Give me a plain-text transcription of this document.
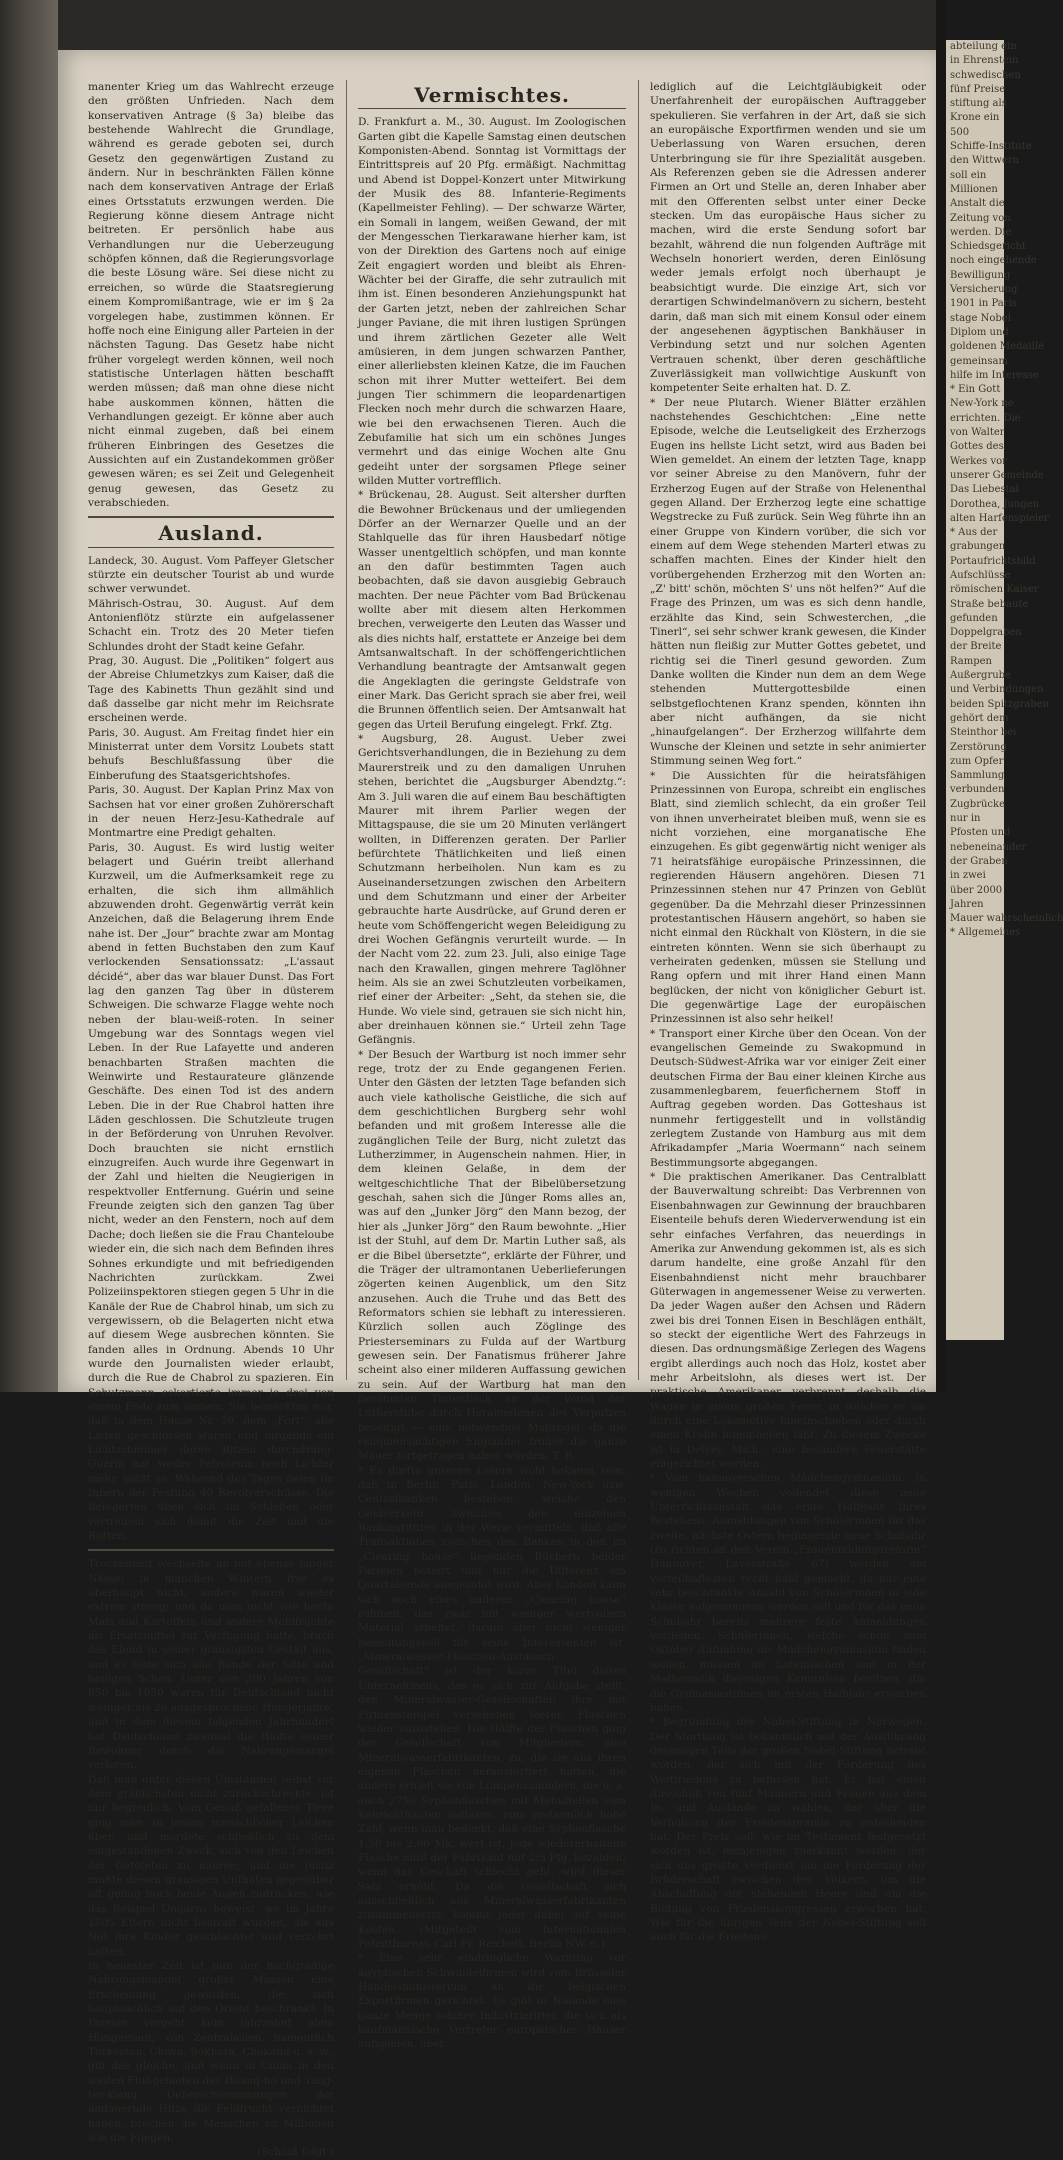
manenter Krieg um das Wahlrecht erzeuge den größten Unfrieden. Nach dem konservativen Antrage (§ 3a) bleibe das bestehende Wahlrecht die Grundlage, während es gerade geboten sei, durch Gesetz den gegenwärtigen Zustand zu ändern. Nur in beschränkten Fällen könne nach dem konservativen Antrage der Erlaß eines Ortsstatuts erzwungen werden. Die Regierung könne diesem Antrage nicht beitreten. Er persönlich habe aus Verhandlungen nur die Ueberzeugung schöpfen können, daß die Regierungsvorlage die beste Lösung wäre. Sei diese nicht zu erreichen, so würde die Staatsregierung einem Kompromißantrage, wie er im § 2a vorgelegen habe, zustimmen können. Er hoffe noch eine Einigung aller Parteien in der nächsten Tagung. Das Gesetz habe nicht früher vorgelegt werden können, weil noch statistische Unterlagen hätten beschafft werden müssen; daß man ohne diese nicht habe auskommen können, hätten die Verhandlungen gezeigt. Er könne aber auch nicht einmal zugeben, daß bei einem früheren Einbringen des Gesetzes die Aussichten auf ein Zustandekommen größer gewesen wären; es sei Zeit und Gelegenheit genug gewesen, das Gesetz zu verabschieden.

Ausland.

Landeck, 30. August. Vom Paffeyer Gletscher stürzte ein deutscher Tourist ab und wurde schwer verwundet.

Mährisch-Ostrau, 30. August. Auf dem Antonienflötz stürzte ein aufgelassener Schacht ein. Trotz des 20 Meter tiefen Schlundes droht der Stadt keine Gefahr.

Prag, 30. August. Die „Politiken“ folgert aus der Abreise Chlumetzkys zum Kaiser, daß die Tage des Kabinetts Thun gezählt sind und daß dasselbe gar nicht mehr im Reichsrate erscheinen werde.

Paris, 30. August. Am Freitag findet hier ein Ministerrat unter dem Vorsitz Loubets statt behufs Beschlußfassung über die Einberufung des Staatsgerichtshofes.

Paris, 30. August. Der Kaplan Prinz Max von Sachsen hat vor einer großen Zuhörerschaft in der neuen Herz-Jesu-Kathedrale auf Montmartre eine Predigt gehalten.

Paris, 30. August. Es wird lustig weiter belagert und Guérin treibt allerhand Kurzweil, um die Aufmerksamkeit rege zu erhalten, die sich ihm allmählich abzuwenden droht. Gegenwärtig verrät kein Anzeichen, daß die Belagerung ihrem Ende nahe ist. Der „Jour“ brachte zwar am Montag abend in fetten Buchstaben den zum Kauf verlockenden Sensationssatz: „L'assaut décidé“, aber das war blauer Dunst. Das Fort lag den ganzen Tag über in düsterem Schweigen. Die schwarze Flagge wehte noch neben der blau-weiß-roten. In seiner Umgebung war des Sonntags wegen viel Leben. In der Rue Lafayette und anderen benachbarten Straßen machten die Weinwirte und Restaurateure glänzende Geschäfte. Des einen Tod ist des andern Leben. Die in der Rue Chabrol hatten ihre Läden geschlossen. Die Schutzleute trugen in der Beförderung von Unruhen Revolver. Doch brauchten sie nicht ernstlich einzugreifen. Auch wurde ihre Gegenwart in der Zahl und hielten die Neugierigen in respektvoller Entfernung. Guérin und seine Freunde zeigten sich den ganzen Tag über nicht, weder an den Fenstern, noch auf dem Dache; doch ließen sie die Frau Chanteloube wieder ein, die sich nach dem Befinden ihres Sohnes erkundigte und mit befriedigenden Nachrichten zurückkam. Zwei Polizeiinspektoren stiegen gegen 5 Uhr in die Kanäle der Rue de Chabrol hinab, um sich zu vergewissern, ob die Belagerten nicht etwa auf diesem Wege ausbrechen könnten. Sie fanden alles in Ordnung. Abends 10 Uhr wurde den Journalisten wieder erlaubt, durch die Rue de Chabrol zu spazieren. Ein Schutzmann eskortierte immer je drei von einem Ende zum andern. Sie bemerkten nur, daß in dem Hause Nr. 50, dem „Fort“, alle Läden geschlossen waren und nirgends ein Lichtschimmer deren Ritzen durchdrang. Guérin hat weder Petroleum noch Lichter mehr, heißt es. Während des Tages fielen im Innern der Festung 40 Revolverschüsse. Die Belagerten üben sich im Schießen oder vertreiben sich damit die Zeit und die Ratten.

Trockenheit wechselte ab mit ebenso langer Nässe; in manchen Wintern fror es überhaupt nicht, andere waren wieder extrem streng; und da man nicht wie heute Mais und Kartoffeln und andere Mehlfrüchte als Ersatzmittel zur Verfügung hatte, brach das Elend in seiner grausigsten Gestalt aus, und es löste sich alle Bande der Sitte und heiligen Scheu. Unter den 200 Jahren von 850 bis 1050 waren für Deutschland nicht weniger als 26 ausgesprochene Hungerjahre, und in dem diesem folgenden Jahrhundert hat Deutschland zweimal die Hälfte seiner Bewohner durch die Nahrungsmangel verloren.

Daß man unter diesen Umständen selbst vor dem gräßlichsten nicht zurückschreckte, ist nur begreiflich. Vom Genuß gefallener Tiere ging man zu jenem menschlicher Leichen über, und mordete schließlich zu dem eingestandenen Zweck, sich von den Leichen der Getöteten zu nähren; und die Justiz mußte diesen grausigen Unthaten gegenüber oft genug noch beide Augen zudrücken, wie das Beispiel Ungarns beweist, wo im Jahre 1505 Eltern nicht bestraft wurden, die aus Not ihre Kinder geschlachtet und verzehrt hatten.

In neuester Zeit ist nun der hochgradige Nahrungsmangel großer Massen eine Erscheinung geworden, die sich hauptsächlich auf den Orient beschränkt. In Persien vergeht kein Jahrzehnt ohne Hungersnot; von Zentralasien, namentlich Turkestan, Chiwa, Bokhara, Chokand u. s. w., gilt das gleiche, und wenn in China in den weiten Flußgebieten des Hoang-ho und Yang-tse-kiang Ueberschwemmungen der andauernde Hitze die Feldfrucht vernichtet haben, brechen die Menschen zu Millionen wie die Fliegen.

(Schluß folgt.)

Vermischtes.

D. Frankfurt a. M., 30. August. Im Zoologischen Garten gibt die Kapelle Samstag einen deutschen Komponisten-Abend. Sonntag ist Vormittags der Eintrittspreis auf 20 Pfg. ermäßigt. Nachmittag und Abend ist Doppel-Konzert unter Mitwirkung der Musik des 88. Infanterie-Regiments (Kapellmeister Fehling). — Der schwarze Wärter, ein Somali in langem, weißen Gewand, der mit der Mengesschen Tierkarawane hierher kam, ist von der Direktion des Gartens noch auf einige Zeit engagiert worden und bleibt als Ehren-Wächter bei der Giraffe, die sehr zutraulich mit ihm ist. Einen besonderen Anziehungspunkt hat der Garten jetzt, neben der zahlreichen Schar junger Paviane, die mit ihren lustigen Sprüngen und ihrem zärtlichen Gezeter alle Welt amüsieren, in dem jungen schwarzen Panther, einer allerliebsten kleinen Katze, die im Fauchen schon mit ihrer Mutter wetteifert. Bei dem jungen Tier schimmern die leopardenartigen Flecken noch mehr durch die schwarzen Haare, wie bei den erwachsenen Tieren. Auch die Zebufamilie hat sich um ein schönes Junges vermehrt und das einige Wochen alte Gnu gedeiht unter der sorgsamen Pflege seiner wilden Mutter vortrefflich.

* Brückenau, 28. August. Seit altersher durften die Bewohner Brückenaus und der umliegenden Dörfer an der Wernarzer Quelle und an der Stahlquelle das für ihren Hausbedarf nötige Wasser unentgeltlich schöpfen, und man konnte an den dafür bestimmten Tagen auch beobachten, daß sie davon ausgiebig Gebrauch machten. Der neue Pächter vom Bad Brückenau wollte aber mit diesem alten Herkommen brechen, verweigerte den Leuten das Wasser und als dies nichts half, erstattete er Anzeige bei dem Amtsanwaltschaft. In der schöffengerichtlichen Verhandlung beantragte der Amtsanwalt gegen die Angeklagten die geringste Geldstrafe von einer Mark. Das Gericht sprach sie aber frei, weil die Brunnen öffentlich seien. Der Amtsanwalt hat gegen das Urteil Berufung eingelegt. Frkf. Ztg.

* Augsburg, 28. August. Ueber zwei Gerichtsverhandlungen, die in Beziehung zu dem Maurerstreik und zu den damaligen Unruhen stehen, berichtet die „Augsburger Abendztg.“: Am 3. Juli waren die auf einem Bau beschäftigten Maurer mit ihrem Parlier wegen der Mittagspause, die sie um 20 Minuten verlängert wollten, in Differenzen geraten. Der Parlier befürchtete Thätlichkeiten und ließ einen Schutzmann herbeiholen. Nun kam es zu Auseinandersetzungen zwischen den Arbeitern und dem Schutzmann und einer der Arbeiter gebrauchte harte Ausdrücke, auf Grund deren er heute vom Schöffengericht wegen Beleidigung zu drei Wochen Gefängnis verurteilt wurde. — In der Nacht vom 22. zum 23. Juli, also einige Tage nach den Krawallen, gingen mehrere Taglöhner heim. Als sie an zwei Schutzleuten vorbeikamen, rief einer der Arbeiter: „Seht, da stehen sie, die Hunde. Wo viele sind, getrauen sie sich nicht hin, aber dreinhauen können sie.“ Urteil zehn Tage Gefängnis.

* Der Besuch der Wartburg ist noch immer sehr rege, trotz der zu Ende gegangenen Ferien. Unter den Gästen der letzten Tage befanden sich auch viele katholische Geistliche, die sich auf dem geschichtlichen Burgberg sehr wohl befanden und mit großem Interesse alle die zugänglichen Teile der Burg, nicht zuletzt das Lutherzimmer, in Augenschein nahmen. Hier, in dem kleinen Gelaße, in dem der weltgeschichtliche That der Bibelübersetzung geschah, sahen sich die Jünger Roms alles an, was auf den „Junker Jörg“ den Mann bezog, der hier als „Junker Jörg“ den Raum bewohnte. „Hier ist der Stuhl, auf dem Dr. Martin Luther saß, als er die Bibel übersetzte“, erklärte der Führer, und die Träger der ultramontanen Ueberlieferungen zögerten keinen Augenblick, um den Sitz anzusehen. Auch die Truhe und das Bett des Reformators schien sie lebhaft zu interessieren. Kürzlich sollen auch Zöglinge des Priesterseminars zu Fulda auf der Wartburg gewesen sein. Der Fanatismus früherer Jahre scheint also einer milderen Auffassung gewichen zu sein. Auf der Wartburg hat man den berühmten Tintenfleck an der Wand der Lutherstube durch Herabnehmen des Verputzes beseitigt — eine notwendige Maßregel, da die reliquiensüchtigen Engländer früher die ganze Mauer fortgetragen haben würden. T. R.

* Es dürfte unseren Lesern wohl bekannt sein, daß in Berlin, Paris, London, New-York usw. Centralbanken bestehen, welche den Geldverkehr zwischen den einzelnen Bankinstituten in der Weise vermitteln, daß alle Transaktionen zwischen den Banken in den im „Clearing house“ liegenden Büchern beider Parteien notiert und nur die Differenz am Quartalsende ausgezahlt wird. Aber London kann sich noch eines anderen „Clearing house“ rühmen, das zwar mit weniger wertvollem Material arbeitet, darum aber nicht weniger bedeutungsvoll für seine Interessenten ist. „Mineralwasser-Flaschen-Austausch-Gesellschaft“ ist der kurze Titel dieses Unternehmens, das es sich zur Aufgabe stellt, den Mineralwasser-Gesellschaften ihre mit Firmenstempel versehenen leeren Flaschen wieder zuzustellen. Die Hälfte der Flaschen ging der Gesellschaft von Mitgliedern, also Mineralwasserfabrikanten, zu, die sie aus ihren eigenen Flaschen herausfortiert hatten, die andere erhielt sie von Lumpensammlern, die u. a. auch 2750 Syphonflaschen mit Metallteilen vom Kehrichthaufen auflasen, eine erstaunlich hohe Zahl, wenn man bedenkt, daß eine Syphonflasche 1.50 bis 2.00 Mk. wert ist. Jede wiedererhaltene Flasche muß der Fabrikant mit 2/5 Pfg. bezahlen; wenn das Geschäft schlecht geht, wird dieser Satz erhöht. Da die Gesellschaft sich ausschließlich aus Mineralwasserfabrikanten zusammensetzt, kommt jeder dabei auf seine Kosten. (Mitgeteilt vom Internationalen Patentbureau Carl Fr. Reichelt, Berlin NW. 6.)

* Eine sehr eindringliche Warnung vor ägyptischen Schwindelfirmen wird vom Brüsseler Handelsministerium an die belgischen Exportfirmen gerichtet. Es gibt in Nillande eine ganze Menge solcher Industrieritter, die sich als kaufmännische Vertreter europäischer Häuser aufspielen, aber

lediglich auf die Leichtgläubigkeit oder Unerfahrenheit der europäischen Auftraggeber spekulieren. Sie verfahren in der Art, daß sie sich an europäische Exportfirmen wenden und sie um Ueberlassung von Waren ersuchen, deren Unterbringung sie für ihre Spezialität ausgeben. Als Referenzen geben sie die Adressen anderer Firmen an Ort und Stelle an, deren Inhaber aber mit den Offerenten selbst unter einer Decke stecken. Um das europäische Haus sicher zu machen, wird die erste Sendung sofort bar bezahlt, während die nun folgenden Aufträge mit Wechseln honoriert werden, deren Einlösung weder jemals erfolgt noch überhaupt je beabsichtigt wurde. Die einzige Art, sich vor derartigen Schwindelmanövern zu sichern, besteht darin, daß man sich mit einem Konsul oder einem der angesehenen ägyptischen Bankhäuser in Verbindung setzt und nur solchen Agenten Vertrauen schenkt, über deren geschäftliche Zuverlässigkeit man vollwichtige Auskunft von kompetenter Seite erhalten hat. D. Z.

* Der neue Plutarch. Wiener Blätter erzählen nachstehendes Geschichtchen: „Eine nette Episode, welche die Leutseligkeit des Erzherzogs Eugen ins hellste Licht setzt, wird aus Baden bei Wien gemeldet. An einem der letzten Tage, knapp vor seiner Abreise zu den Manövern, fuhr der Erzherzog Eugen auf der Straße von Helenenthal gegen Alland. Der Erzherzog legte eine schattige Wegstrecke zu Fuß zurück. Sein Weg führte ihn an einer Gruppe von Kindern vorüber, die sich vor einem auf dem Wege stehenden Marterl etwas zu schaffen machten. Eines der Kinder hielt den vorübergehenden Erzherzog mit den Worten an: „Z' bitt' schön, möchten S' uns nöt helfen?“ Auf die Frage des Prinzen, um was es sich denn handle, erzählte das Kind, sein Schwesterchen, „die Tinerl“, sei sehr schwer krank gewesen, die Kinder hätten nun fleißig zur Mutter Gottes gebetet, und richtig sei die Tinerl gesund geworden. Zum Danke wollten die Kinder nun dem an dem Wege stehenden Muttergottesbilde einen selbstgeflochtenen Kranz spenden, könnten ihn aber nicht aufhängen, da sie nicht „hinaufgelangen“. Der Erzherzog willfahrte dem Wunsche der Kleinen und setzte in sehr animierter Stimmung seinen Weg fort.“

* Die Aussichten für die heiratsfähigen Prinzessinnen von Europa, schreibt ein englisches Blatt, sind ziemlich schlecht, da ein großer Teil von ihnen unverheiratet bleiben muß, wenn sie es nicht vorziehen, eine morganatische Ehe einzugehen. Es gibt gegenwärtig nicht weniger als 71 heiratsfähige europäische Prinzessinnen, die regierenden Häusern angehören. Diesen 71 Prinzessinnen stehen nur 47 Prinzen von Geblüt gegenüber. Da die Mehrzahl dieser Prinzessinnen protestantischen Häusern angehört, so haben sie nicht einmal den Rückhalt von Klöstern, in die sie eintreten könnten. Wenn sie sich überhaupt zu verheiraten gedenken, müssen sie Stellung und Rang opfern und mit ihrer Hand einen Mann beglücken, der nicht von königlicher Geburt ist. Die gegenwärtige Lage der europäischen Prinzessinnen ist also sehr heikel!

* Transport einer Kirche über den Ocean. Von der evangelischen Gemeinde zu Swakopmund in Deutsch-Südwest-Afrika war vor einiger Zeit einer deutschen Firma der Bau einer kleinen Kirche aus zusammenlegbarem, feuerfichernem Stoff in Auftrag gegeben worden. Das Gotteshaus ist nunmehr fertiggestellt und in vollständig zerlegtem Zustande von Hamburg aus mit dem Afrikadampfer „Maria Woermann“ nach seinem Bestimmungsorte abgegangen.

* Die praktischen Amerikaner. Das Centralblatt der Bauverwaltung schreibt: Das Verbrennen von Eisenbahnwagen zur Gewinnung der brauchbaren Eisenteile behufs deren Wiederverwendung ist ein sehr einfaches Verfahren, das neuerdings in Amerika zur Anwendung gekommen ist, als es sich darum handelte, eine große Anzahl für den Eisenbahndienst nicht mehr brauchbarer Güterwagen in angemessener Weise zu verwerten. Da jeder Wagen außer den Achsen und Rädern zwei bis drei Tonnen Eisen in Beschlägen enthält, so steckt der eigentliche Wert des Fahrzeugs in diesen. Das ordnungsmäßige Zerlegen des Wagens ergibt allerdings auch noch das Holz, kostet aber mehr Arbeitslohn, als dieses wert ist. Der praktische Amerikaner verbrennt deshalb die Wagen in einem großen Feuer, in welches er sie durch eine Lokomotive hineinschieben oder durch einen Krahn hineinheben läßt. Zu diesem Zwecke ist in Delvey, Mich., eine besondere Feuerstätte eingerichtet worden.

* Vom hannoverschen Mädchengymnasium. In wenigen Wochen vollendet diese neue Unterrichtsanstalt das erste Halbjahr ihres Bestehens. Anmeldungen von Schülerinnen für das zweite, nächste Ostern beginnende neue Schuljahr (zu richten an den Verein „Frauenbildungsreform“ Hannover, Lavesstraße 67) werden am vorteilhaftesten recht bald gemacht, da nur eine sehr beschränkte Anzahl von Schülerinnen in jede Klasse aufgenommen werden soll und für das neue Schuljahr bereits mehrere feste Anmeldungen vorliegen. Schülerinnen, welche schon zum Oktober Aufnahme ins Mädchengymnasium finden wollen, müssen im Lateinischen und in der Mathematik diejenigen Kenntnisse besitzen, die die Gymnasiastinnen im ersten Halbjahr erworben haben.

* Begründung der Nobel-Stiftung in Norwegen. Der Storthing ist bekanntlich mit der Ausführung desjenigen Teils der großen Nobel-Stiftung betraut worden, der sich mit der Förderung des Weltfriedens zu befassen hat. Er hat einen Ausschuß von fünf Männern und Frauen aus dem In- und Auslande zu wählen, der über die Verleihung der Friedensprämie zu entscheiden hat. Der Preis soll, wie im Testament festgesetzt worden ist, demjenigen zuerkannt werden, der sich das größte Verdienst um die Förderung der Brüderschaft zwischen den Völkern, um die Abschaffung der stehenden Heere und um die Bildung von Friedenskongressen erworben hat. Wie für die übrigen Teile der Nobel-Stiftung soll auch für die Friedens-

abteilung ein
in Ehrenstein
schwedischen
fünf Preise
stiftung als
Krone ein
500
Schiffe-Institute
den Wittwern
soll ein
Millionen
Anstalt die
Zeitung von
werden. Die
Schiedsgericht
noch eingehende
Bewilligung
Versicherung
1901 in Paris
stage Nobel
Diplom und
goldenen Medaille
gemeinsam
hilfe im Interesse
* Ein Gott
New-York ne
errichten. Die
von Walter
Gottes des
Werkes vor
unserer Gemeinde
Das Liebestal
Dorothea, Jungen
alten Harfenspieler
* Aus der
grabungen
Portaufrichtsbild
Aufschlüsse
römischen Kaiser
Straße bebaute
gefunden
Doppelgraben
der Breite
Rampen
Außergrube
und Verbindungen
beiden Spitzgraben
gehört dem
Steinthor bei
Zerstörung
zum Opfer
Sammlung
verbunden
Zugbrücke
nur in
Pfosten und
nebeneinander
der Graben
in zwei
über 2000
Jahren
Mauer wahrscheinlich
* Allgemeines
